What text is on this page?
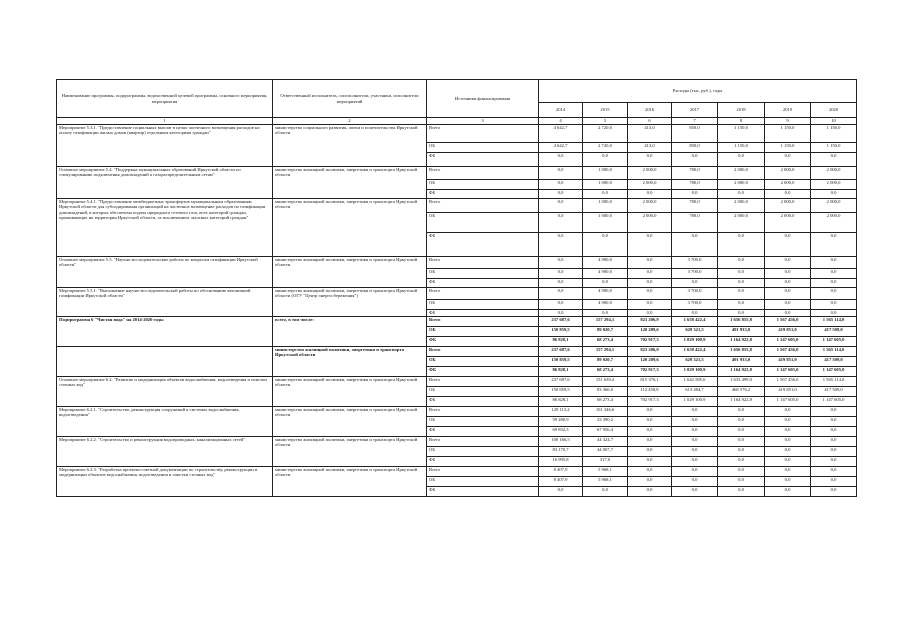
Наименование программы, подпрограммы, ведомственной целевой программы, основного мероприятия, мероприятия	Ответственный исполнитель, соисполнители, участники, исполнители мероприятий	Источники финансирования	Расходы (тыс. руб.), годы						
			2014	2015	2016	2017	2018	2019	2020
1	2	3	4	5	6	7	8	9	10
Мероприятие 5.3.1. "Предоставление социальных выплат в целях частичного возмещения расходов на оплату газификации жилых домов (квартир) отдельным категориям граждан"	министерство социального развития, опеки и попечительства Иркутской области	Всего	4 642,7	2 720,0	413,0	850,0	1 150,0	1 150,0	1 150,0
		ОБ	4 642,7	2 720,0	413,0	850,0	1 150,0	1 150,0	1 150,0
		ФБ	0,0	0,0	0,0	0,0	0,0	0,0	0,0
Основное мероприятие 5.4. "Поддержка муниципальных образований Иркутской области по стимулированию подключения домовладений к газораспределительным сетям"	министерство жилищной политики, энергетики и транспорта Иркутской области	Всего	0,0	1 000,0	2 000,0	780,0	2 000,0	2 000,0	2 000,0
		ОБ	0,0	1 000,0	2 000,0	780,0	2 000,0	2 000,0	2 000,0
		ФБ	0,0	0,0	0,0	0,0	0,0	0,0	0,0
Мероприятие 5.4.1. "Предоставление межбюджетных трансфертов муниципальным образованиям Иркутской области для субсидирования организаций на частичное возмещение расходов по газификации домовладений, в которых обеспечена подача природного сетевого газа, всех категорий граждан, проживающих на территории Иркутской области, за исключением льготных категорий граждан"	министерство жилищной политики, энергетики и транспорта Иркутской области	Всего	0,0	1 000,0	2 000,0	780,0	2 000,0	2 000,0	2 000,0
		ОБ	0,0	1 000,0	2 000,0	780,0	2 000,0	2 000,0	2 000,0
		ФБ	0,0	0,0	0,0	0,0	0,0	0,0	0,0
Основное мероприятие 5.5. "Научно-исследовательские работы по вопросам газификации Иркутской области"	министерство жилищной политики, энергетики и транспорта Иркутской области	Всего	0,0	4 900,0	0,0	3 700,0	0,0	0,0	0,0
		ОБ	0,0	4 900,0	0,0	3 700,0	0,0	0,0	0,0
		ФБ	0,0	0,0	0,0	0,0	0,0	0,0	0,0
Мероприятие 5.5.1. "Выполнение научно-исследовательской работы по обоснованию автономной газификации Иркутской области"	министерство жилищной политики, энергетики и транспорта Иркутской области (ОГУ "Центр энергосбережения")	Всего	0,0	4 900,0	0,0	3 700,0	0,0	0,0	0,0
		ОБ	0,0	4 900,0	0,0	3 700,0	0,0	0,0	0,0
		ФБ	0,0	0,0	0,0	0,0	0,0	0,0	0,0
Подпрограмма 6 "Чистая вода" на 2014-2020 годы	всего, в том числе:	Всего	237 687,6	157 294,1	823 206,9	1 658 422,4	1 656 855,8	1 567 456,0	1 565 114,0
		ОБ	150 859,5	89 020,7	120 289,6	629 321,5	491 933,0	419 851,0	417 509,0
		ФБ	86 828,1	68 273,4	702 917,3	1 029 100,9	1 164 922,8	1 147 605,0	1 147 605,0
	министерство жилищной политики, энергетики и транспорта Иркутской области	Всего	237 687,6	157 294,1	823 206,9	1 658 422,4	1 656 855,8	1 567 456,0	1 565 114,0
		ОБ	150 859,5	89 020,7	120 289,6	629 321,5	491 933,0	419 851,0	417 509,0
		ФБ	86 828,1	68 273,4	702 917,3	1 029 100,9	1 164 922,8	1 147 605,0	1 147 605,0
Основное мероприятие 6.2. "Развитие и модернизация объектов водоснабжения, водоотведения и очистки сточных вод"	министерство жилищной политики, энергетики и транспорта Иркутской области	Всего	237 687,6	151 639,4	815 376,1	1 642 585,6	1 633 499,0	1 567 456,0	1 565 114,0
		ОБ	150 859,5	83 366,0	112 458,8	613 484,7	468 576,2	419 851,0	417 509,0
		ФБ	86 828,1	68 273,4	702 917,3	1 029 100,9	1 164 922,8	1 147 605,0	1 147 605,0
Мероприятие 6.2.1. "Строительство, реконструкция сооружений в системах водоснабжения, водоотведения"	министерство жилищной политики, энергетики и транспорта Иркутской области	Всего	129 113,2	101 346,6	0,0	0,0	0,0	0,0	0,0
		ОБ	59 280,9	33 390,2	0,0	0,0	0,0	0,0	0,0
		ФБ	69 832,3	67 956,4	0,0	0,0	0,0	0,0	0,0
Мероприятие 6.2.2. "Строительство и реконструкция водопроводных, канализационных сетей"	министерство жилищной политики, энергетики и транспорта Иркутской области	Всего	100 166,5	44 324,7	0,0	0,0	0,0	0,0	0,0
		ОБ	83 170,7	44 007,7	0,0	0,0	0,0	0,0	0,0
		ФБ	16 995,8	317,0	0,0	0,0	0,0	0,0	0,0
Мероприятие 6.2.3. "Разработка проектно-сметной документации по строительству, реконструкции и модернизации объектов водоснабжения, водоотведения и очистки сточных вод"	министерство жилищной политики, энергетики и транспорта Иркутской области	Всего	8 407,9	5 968,1	0,0	0,0	0,0	0,0	0,0
		ОБ	8 407,9	5 968,1	0,0	0,0	0,0	0,0	0,0
		ФБ	0,0	0,0	0,0	0,0	0,0	0,0	0,0
